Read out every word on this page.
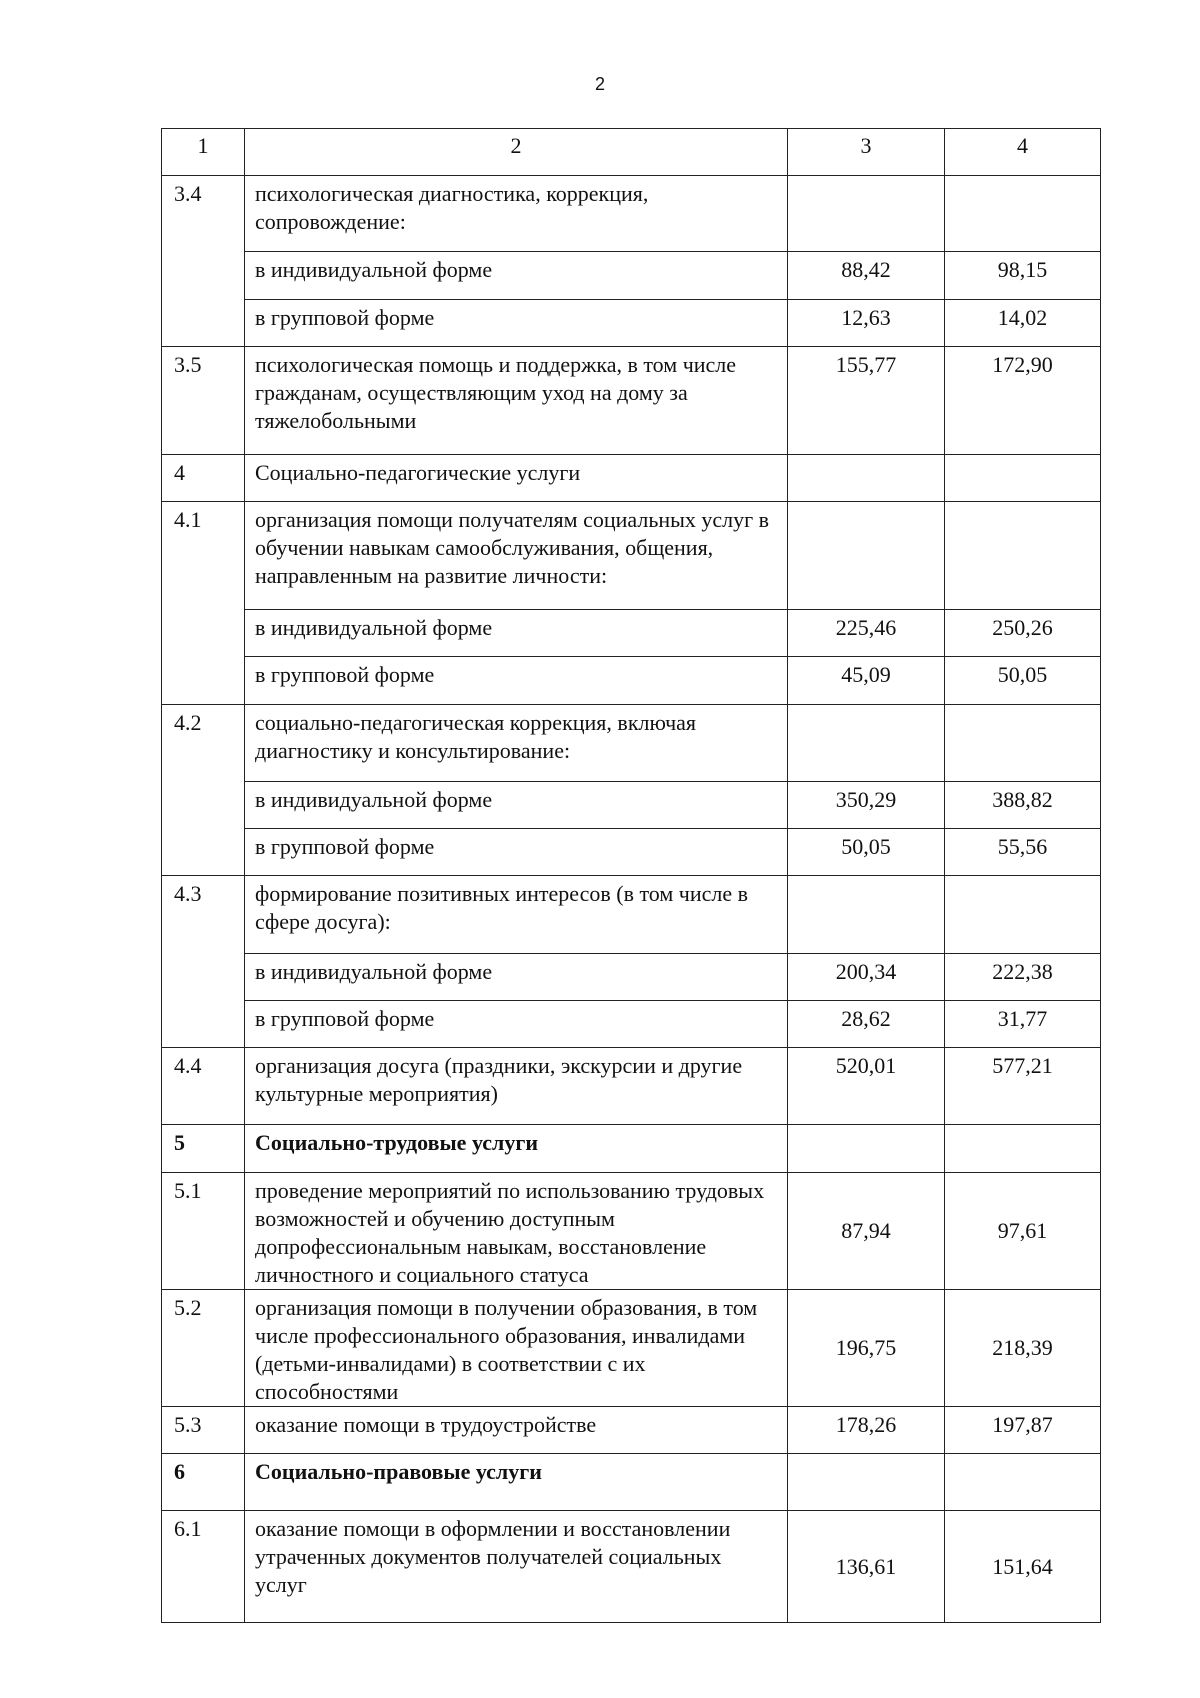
2
1	2	3	4
3.4	психологическая диагностика, коррекция, сопровождение:		
	в индивидуальной форме	88,42	98,15
	в групповой форме	12,63	14,02
3.5	психологическая помощь и поддержка, в том числе гражданам, осуществляющим уход на дому за тяжелобольными	155,77	172,90
4	Социально-педагогические услуги		
4.1	организация помощи получателям социальных услуг в обучении навыкам самообслуживания, общения, направленным на развитие личности:		
	в индивидуальной форме	225,46	250,26
	в групповой форме	45,09	50,05
4.2	социально-педагогическая коррекция, включая диагностику и консультирование:		
	в индивидуальной форме	350,29	388,82
	в групповой форме	50,05	55,56
4.3	формирование позитивных интересов (в том числе в сфере досуга):		
	в индивидуальной форме	200,34	222,38
	в групповой форме	28,62	31,77
4.4	организация досуга (праздники, экскурсии и другие культурные мероприятия)	520,01	577,21
5	Социально-трудовые услуги		
5.1	проведение мероприятий по использованию трудовых возможностей и обучению доступным допрофессиональным навыкам, восстановление личностного и социального статуса	87,94	97,61
5.2	организация помощи в получении образования, в том числе профессионального образования, инвалидами (детьми-инвалидами) в соответствии с их способностями	196,75	218,39
5.3	оказание помощи в трудоустройстве	178,26	197,87
6	Социально-правовые услуги		
6.1	оказание помощи в оформлении и восстановлении утраченных документов получателей социальных услуг	136,61	151,64
